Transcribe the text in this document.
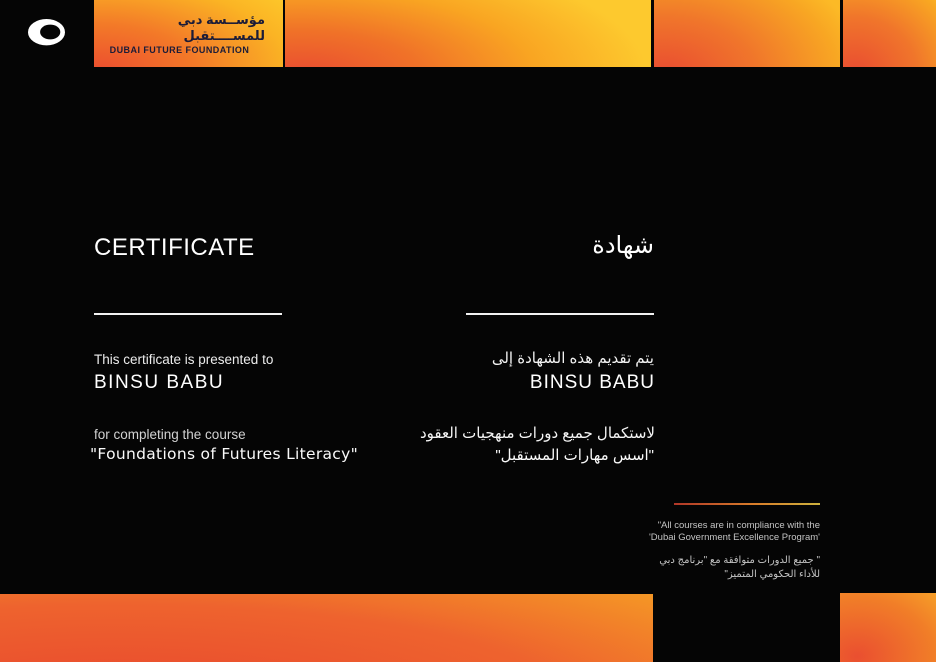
مؤســسة دبي للمســــتقبل
DUBAI FUTURE FOUNDATION
CERTIFICATE	شهادة
This certificate is presented to
BINSU BABU
يتم تقديم هذه الشهادة إلى
BINSU BABU
for completing the course
"Foundations of Futures Literacy"
لاستكمال جميع دورات منهجيات العقود
"اسس مهارات المستقبل"
"All courses are in compliance with the
'Dubai Government Excellence Program'
" جميع الدورات متوافقة مع "برنامج دبي
للأداء الحكومي المتميز"
